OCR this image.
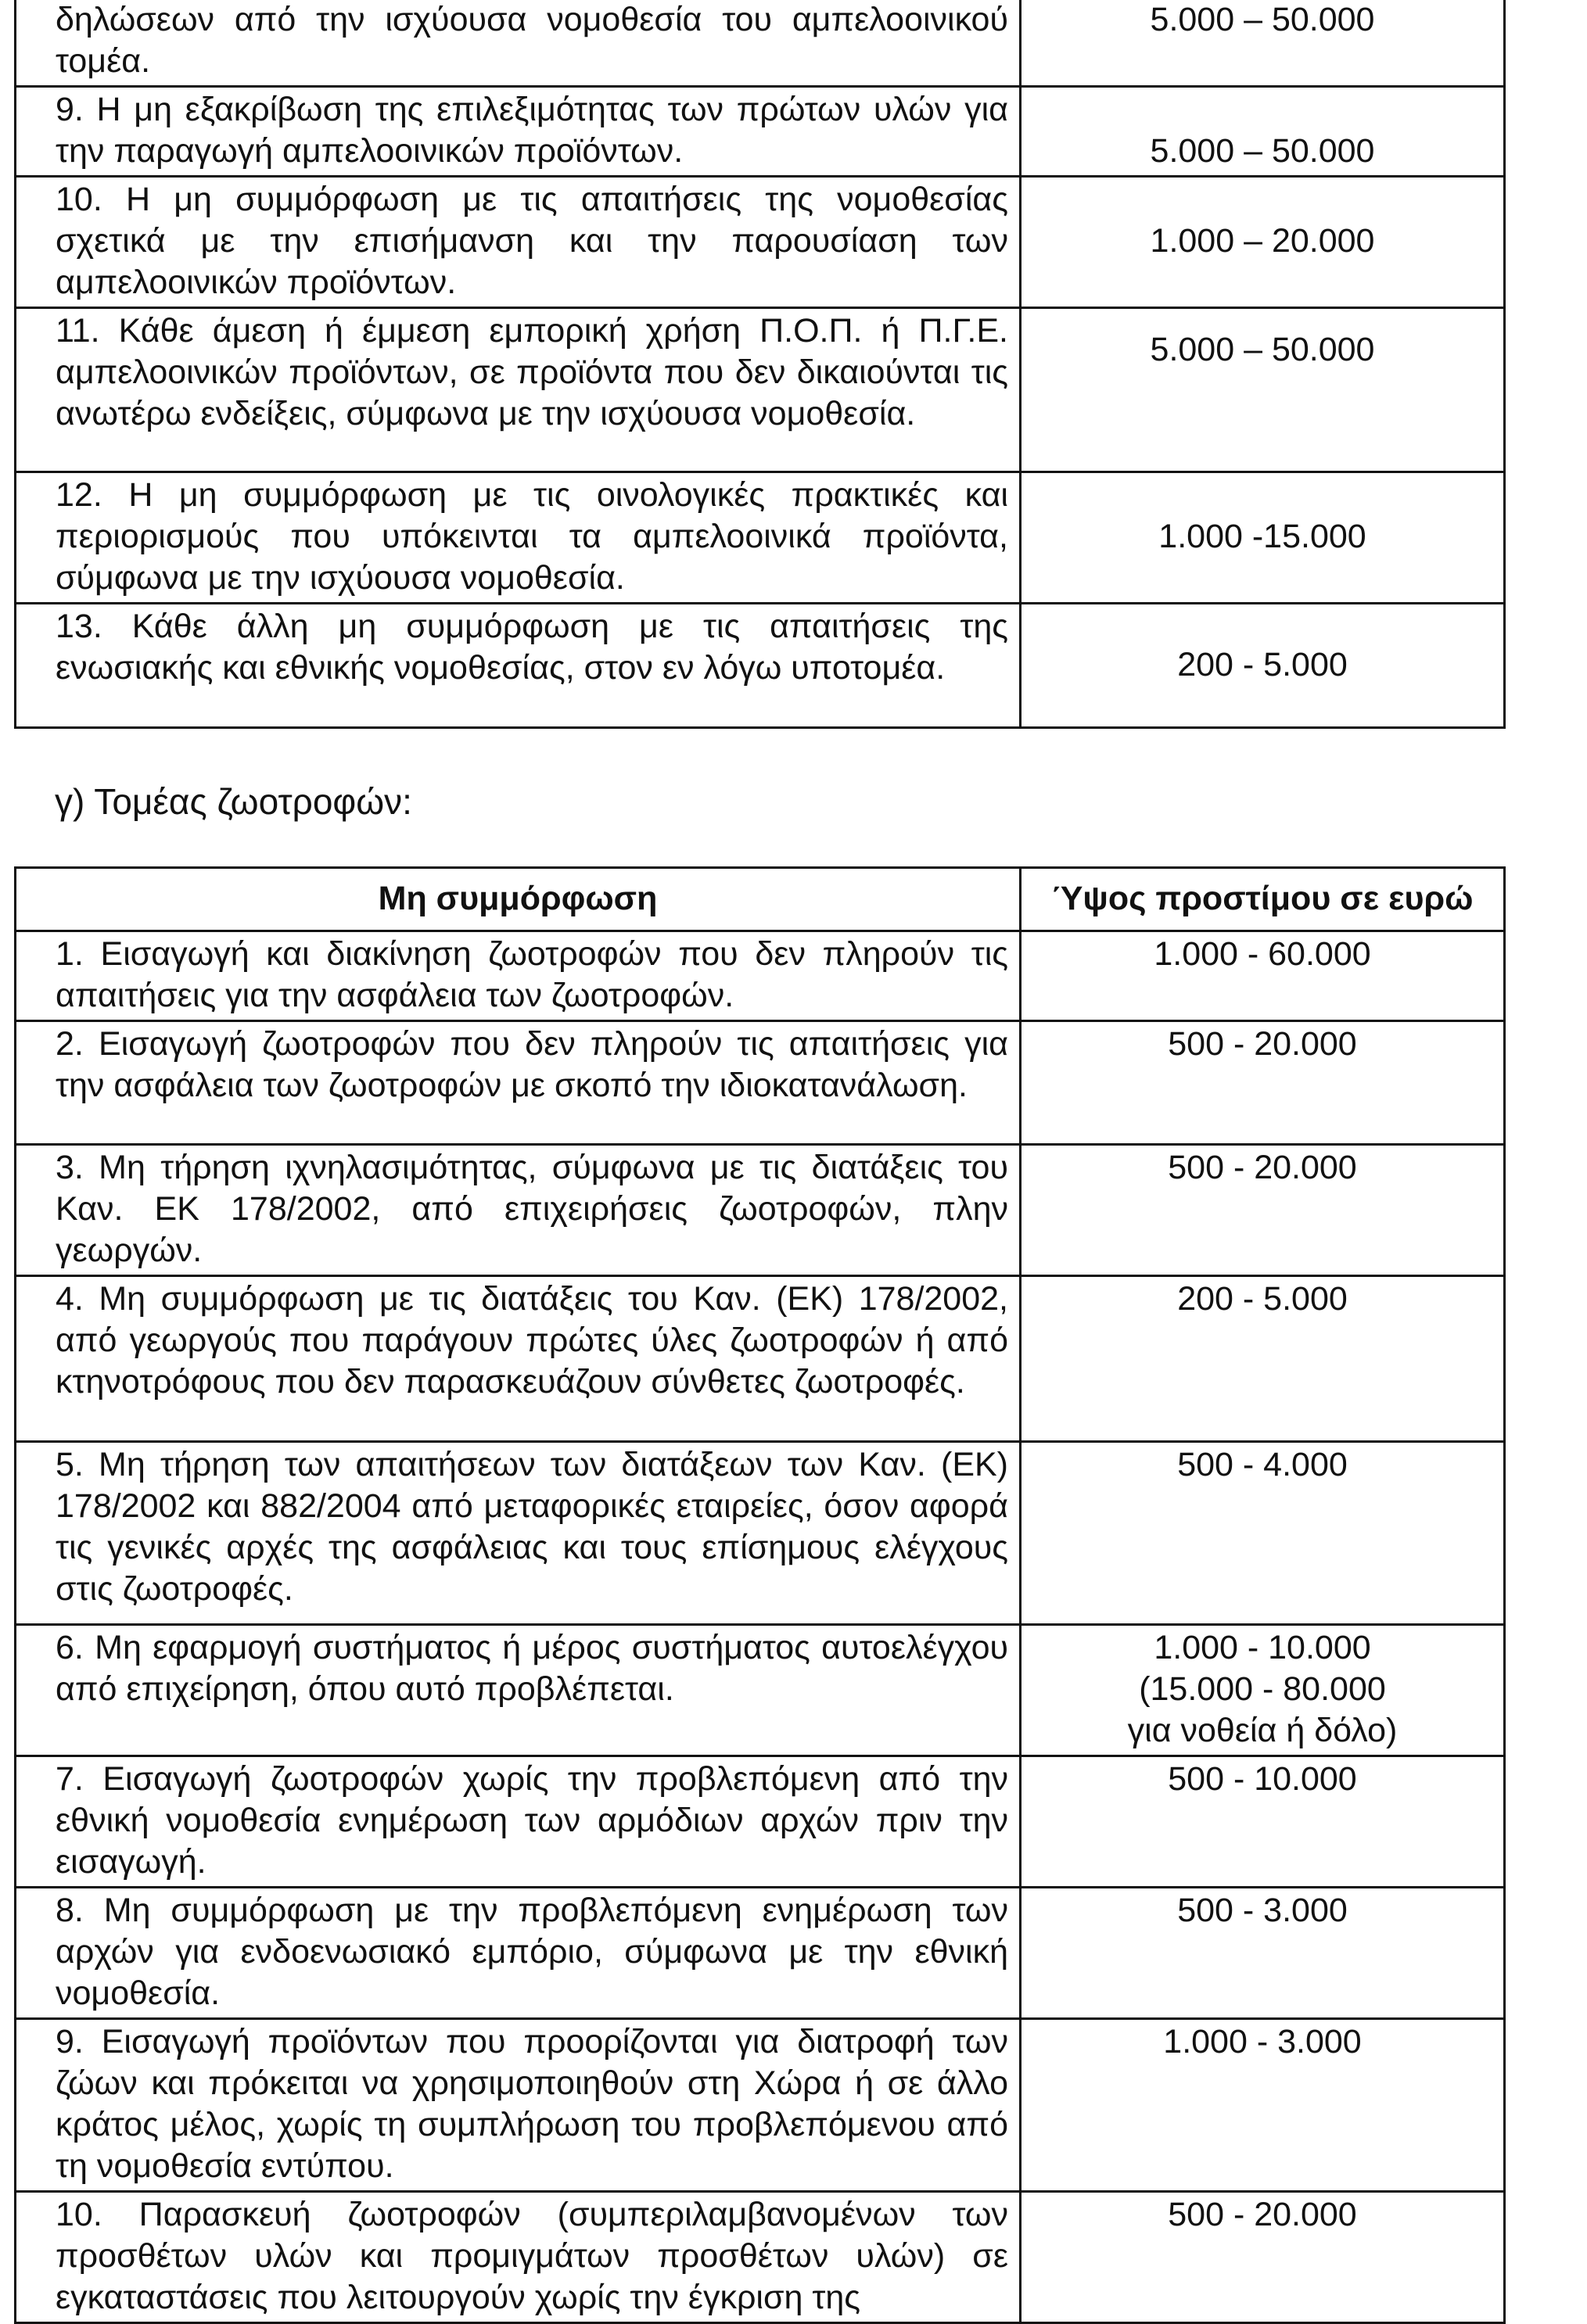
δηλώσεων από την ισχύουσα νομοθεσία του αμπελοοινικού τομέα.	5.000 – 50.000
9. Η μη εξακρίβωση της επιλεξιμότητας των πρώτων υλών για την παραγωγή αμπελοοινικών προϊόντων.	5.000 – 50.000
10. Η μη συμμόρφωση με τις απαιτήσεις της νομοθεσίας σχετικά με την επισήμανση και την παρουσίαση των αμπελοοινικών προϊόντων.	1.000 – 20.000
11. Κάθε άμεση ή έμμεση εμπορική χρήση Π.Ο.Π. ή Π.Γ.Ε. αμπελοοινικών προϊόντων, σε προϊόντα που δεν δικαιούνται τις ανωτέρω ενδείξεις, σύμφωνα με την ισχύουσα νομοθεσία.	5.000 – 50.000
12. Η μη συμμόρφωση με τις οινολογικές πρακτικές και περιορισμούς που υπόκεινται τα αμπελοοινικά προϊόντα, σύμφωνα με την ισχύουσα νομοθεσία.	1.000 -15.000
13. Κάθε άλλη μη συμμόρφωση με τις απαιτήσεις της ενωσιακής και εθνικής νομοθεσίας, στον εν λόγω υποτομέα.	200 - 5.000
γ) Τομέας ζωοτροφών:
Μη συμμόρφωση	Ύψος προστίμου σε ευρώ
1. Εισαγωγή και διακίνηση ζωοτροφών που δεν πληρούν τις απαιτήσεις για την ασφάλεια των ζωοτροφών.	1.000 - 60.000
2. Εισαγωγή ζωοτροφών που δεν πληρούν τις απαιτήσεις για την ασφάλεια των ζωοτροφών με σκοπό την ιδιοκατανάλωση.	500 - 20.000
3. Μη τήρηση ιχνηλασιμότητας, σύμφωνα με τις διατάξεις του Καν. ΕΚ 178/2002, από επιχειρήσεις ζωοτροφών, πλην γεωργών.	500 - 20.000
4. Μη συμμόρφωση με τις διατάξεις του Καν. (ΕΚ) 178/2002, από γεωργούς που παράγουν πρώτες ύλες ζωοτροφών ή από κτηνοτρόφους που δεν παρασκευάζουν σύνθετες ζωοτροφές.	200 - 5.000
5. Μη τήρηση των απαιτήσεων των διατάξεων των Καν. (ΕΚ) 178/2002 και 882/2004 από μεταφορικές εταιρείες, όσον αφορά τις γενικές αρχές της ασφάλειας και τους επίσημους ελέγχους στις ζωοτροφές.	500 - 4.000
6. Μη εφαρμογή συστήματος ή μέρος συστήματος αυτοελέγχου από επιχείρηση, όπου αυτό προβλέπεται.	1.000 - 10.000
(15.000 - 80.000
για νοθεία ή δόλο)

7. Εισαγωγή ζωοτροφών χωρίς την προβλεπόμενη από την εθνική νομοθεσία ενημέρωση των αρμόδιων αρχών πριν την εισαγωγή.	500 - 10.000
8. Μη συμμόρφωση με την προβλεπόμενη ενημέρωση των αρχών για ενδοενωσιακό εμπόριο, σύμφωνα με την εθνική νομοθεσία.	500 - 3.000
9. Εισαγωγή προϊόντων που προορίζονται για διατροφή των ζώων και πρόκειται να χρησιμοποιηθούν στη Χώρα ή σε άλλο κράτος μέλος, χωρίς τη συμπλήρωση του προβλεπόμενου από τη νομοθεσία εντύπου.	1.000 - 3.000
10. Παρασκευή ζωοτροφών (συμπεριλαμβανομένων των προσθέτων υλών και προμιγμάτων προσθέτων υλών) σε εγκαταστάσεις που λειτουργούν χωρίς την έγκριση της	500 - 20.000
